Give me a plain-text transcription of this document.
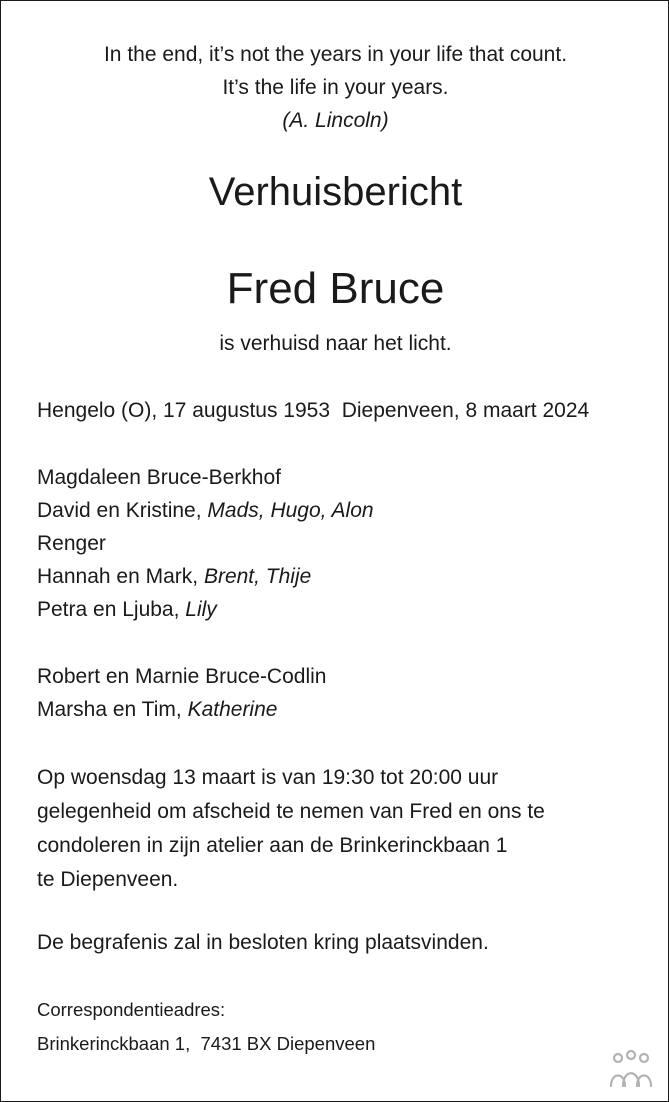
In the end, it’s not the years in your life that count.
It’s the life in your years.
(A. Lincoln)
Verhuisbericht
Fred Bruce
is verhuisd naar het licht.
Hengelo (O), 17 augustus 1953  Diepenveen, 8 maart 2024
Magdaleen Bruce-Berkhof
David en Kristine, Mads, Hugo, Alon
Renger
Hannah en Mark, Brent, Thije
Petra en Ljuba, Lily
Robert en Marnie Bruce-Codlin
Marsha en Tim, Katherine
Op woensdag 13 maart is van 19:30 tot 20:00 uur
gelegenheid om afscheid te nemen van Fred en ons te
condoleren in zijn atelier aan de Brinkerinckbaan 1
te Diepenveen.
De begrafenis zal in besloten kring plaatsvinden.
Correspondentieadres:
Brinkerinckbaan 1,  7431 BX Diepenveen
